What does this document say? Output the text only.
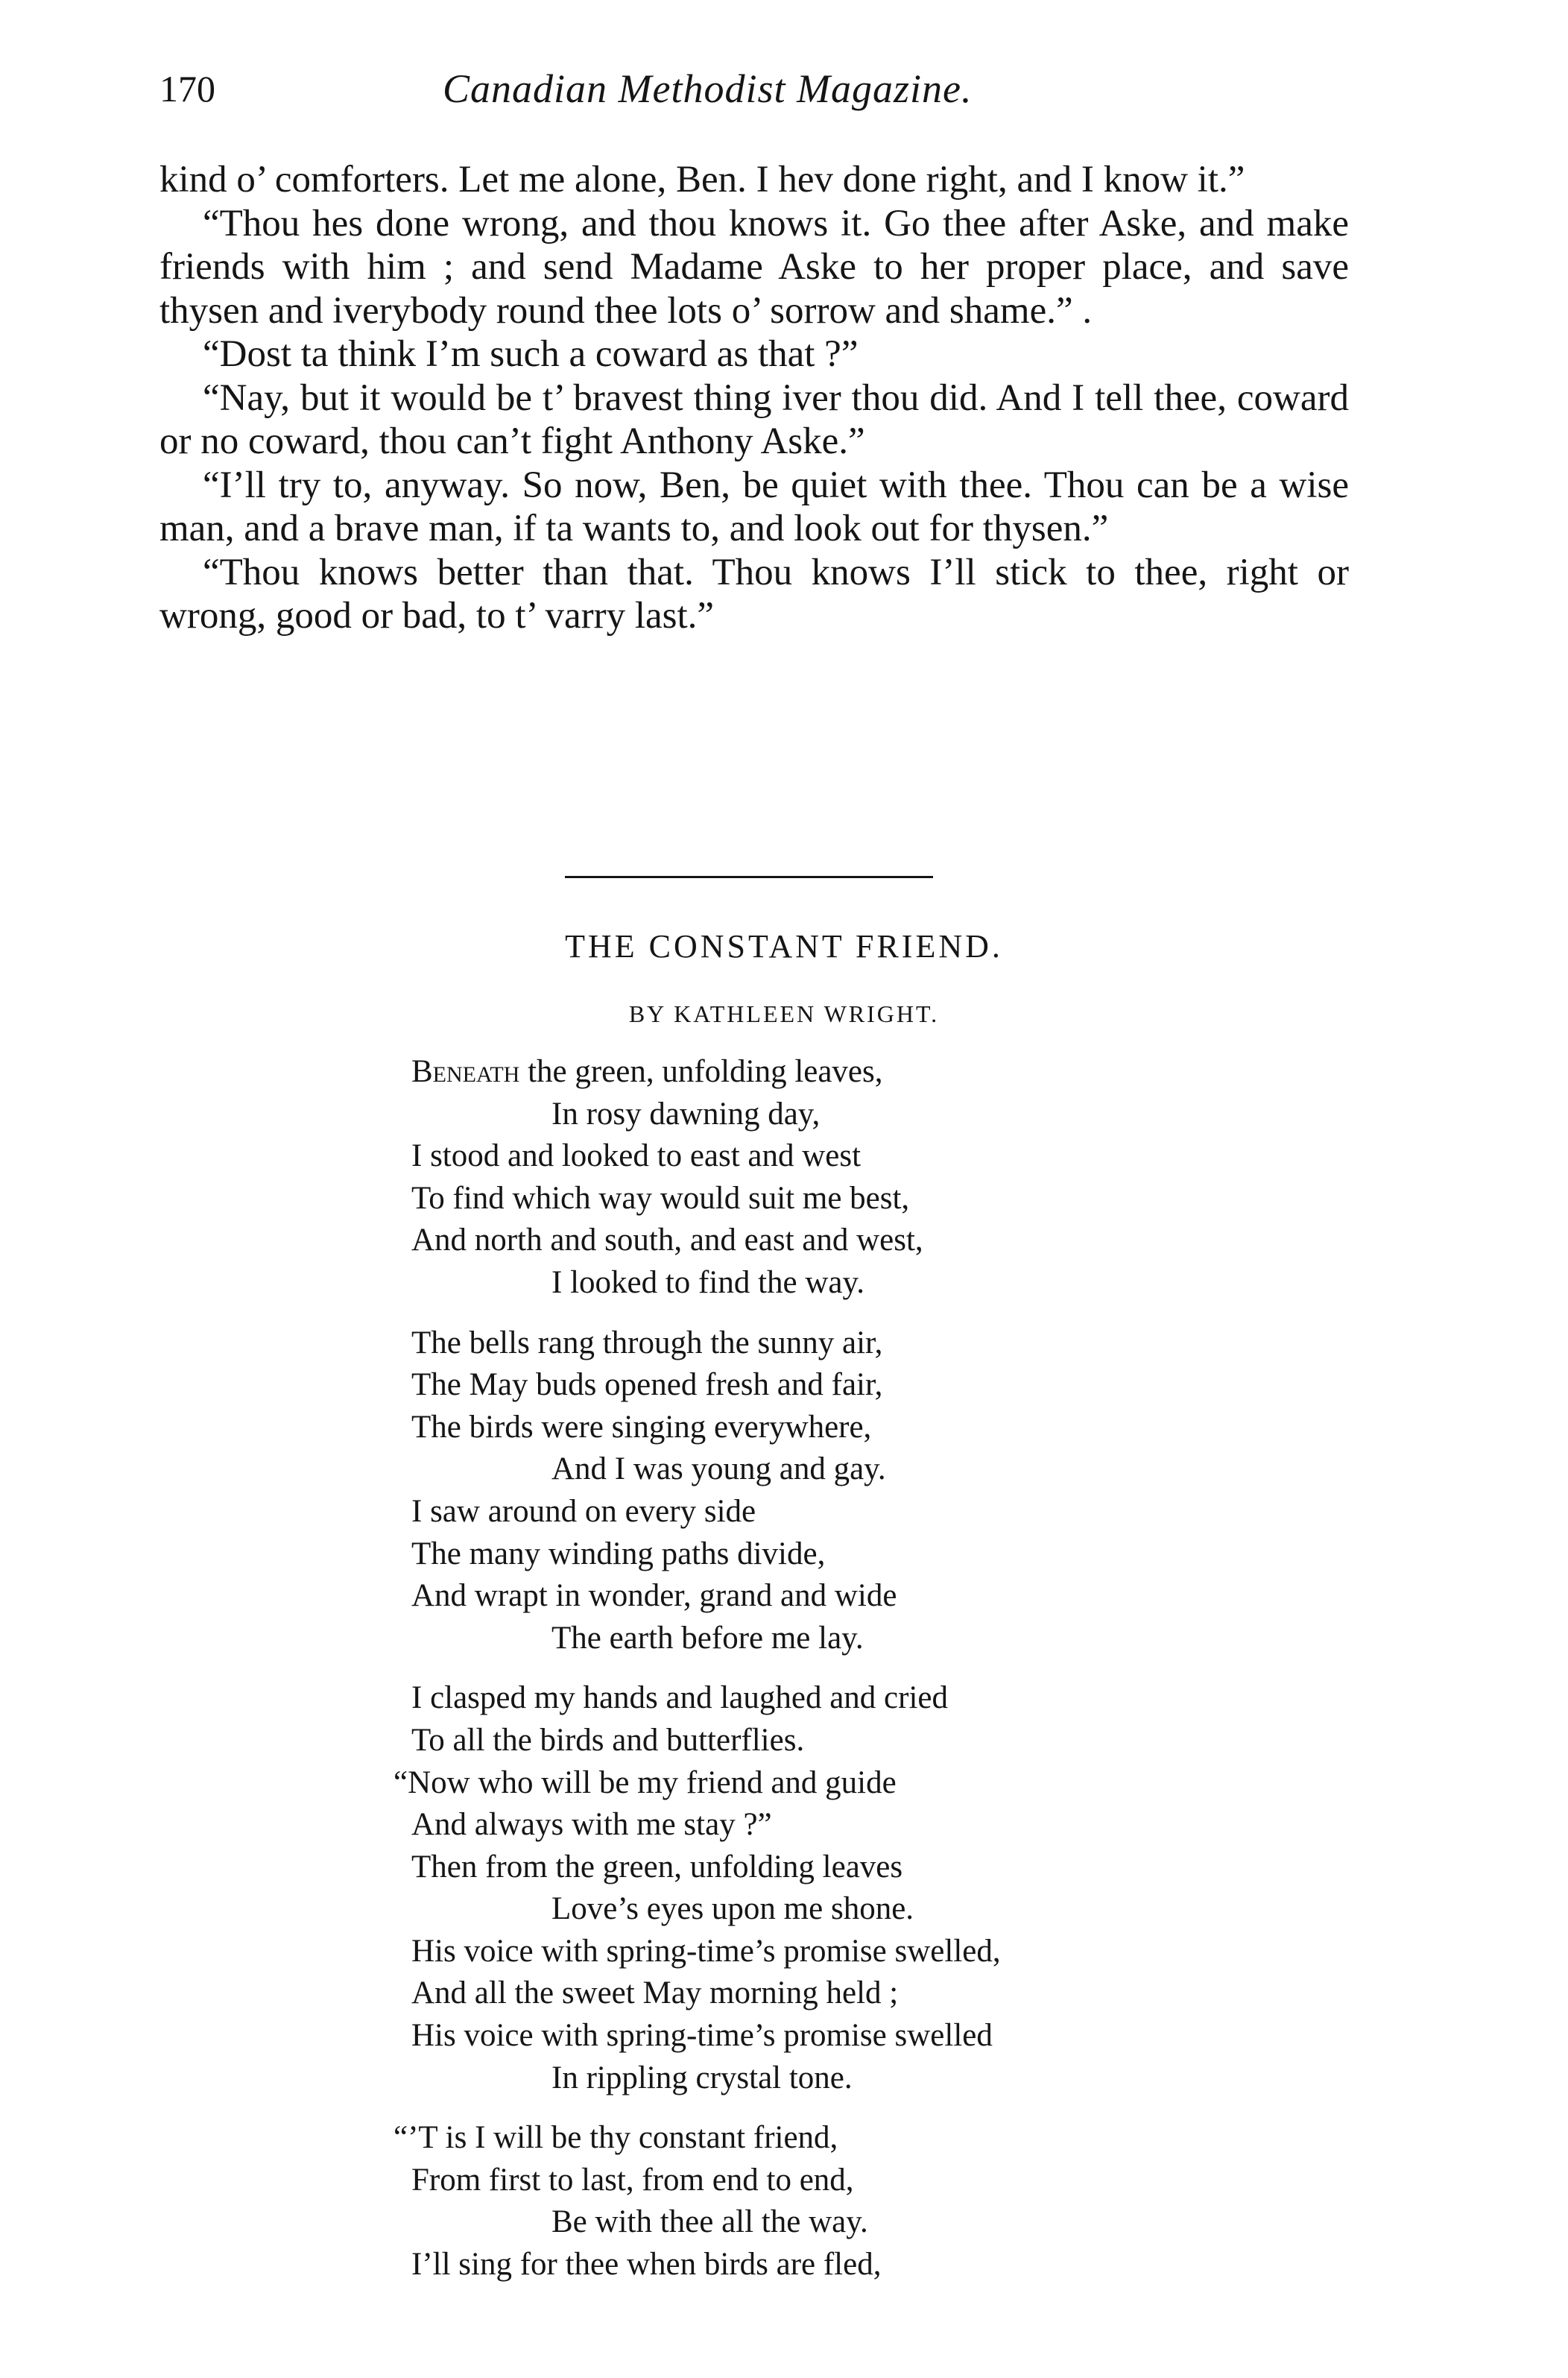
170	Canadian Methodist Magazine.

kind o’ comforters. Let me alone, Ben. I hev done right, and I know it.”

“Thou hes done wrong, and thou knows it. Go thee after Aske, and make friends with him ; and send Madame Aske to her proper place, and save thysen and iverybody round thee lots o’ sorrow and shame.” .

“Dost ta think I’m such a coward as that ?”

“Nay, but it would be t’ bravest thing iver thou did. And I tell thee, coward or no coward, thou can’t fight Anthony Aske.”

“I’ll try to, anyway. So now, Ben, be quiet with thee. Thou can be a wise man, and a brave man, if ta wants to, and look out for thysen.”

“Thou knows better than that. Thou knows I’ll stick to thee, right or wrong, good or bad, to t’ varry last.”

THE CONSTANT FRIEND.
BY KATHLEEN WRIGHT.
Beneath the green, unfolding leaves,
In rosy dawning day,
I stood and looked to east and west
To find which way would suit me best,
And north and south, and east and west,
I looked to find the way.
The bells rang through the sunny air,
The May buds opened fresh and fair,
The birds were singing everywhere,
And I was young and gay.
I saw around on every side
The many winding paths divide,
And wrapt in wonder, grand and wide
The earth before me lay.
I clasped my hands and laughed and cried
To all the birds and butterflies.
“Now who will be my friend and guide
And always with me stay ?”
Then from the green, unfolding leaves
Love’s eyes upon me shone.
His voice with spring-time’s promise swelled,
And all the sweet May morning held ;
His voice with spring-time’s promise swelled
In rippling crystal tone.
“’T is I will be thy constant friend,
From first to last, from end to end,
Be with thee all the way.
I’ll sing for thee when birds are fled,
